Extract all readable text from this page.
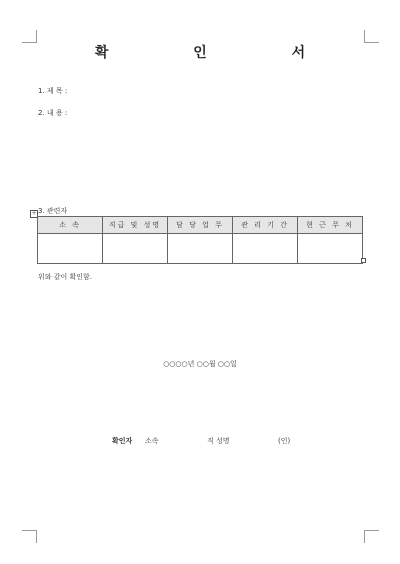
확 인 서
1. 제 목 :
2. 내 용 :
+ 3. 관련자
소 속	직급 및 성명	담 당 업 무	관 리 기 간	현 근 무 처

위와 같이 확인함.
○○○○년 ○○월 ○○일
확인자 소속	직 성명	(인)
